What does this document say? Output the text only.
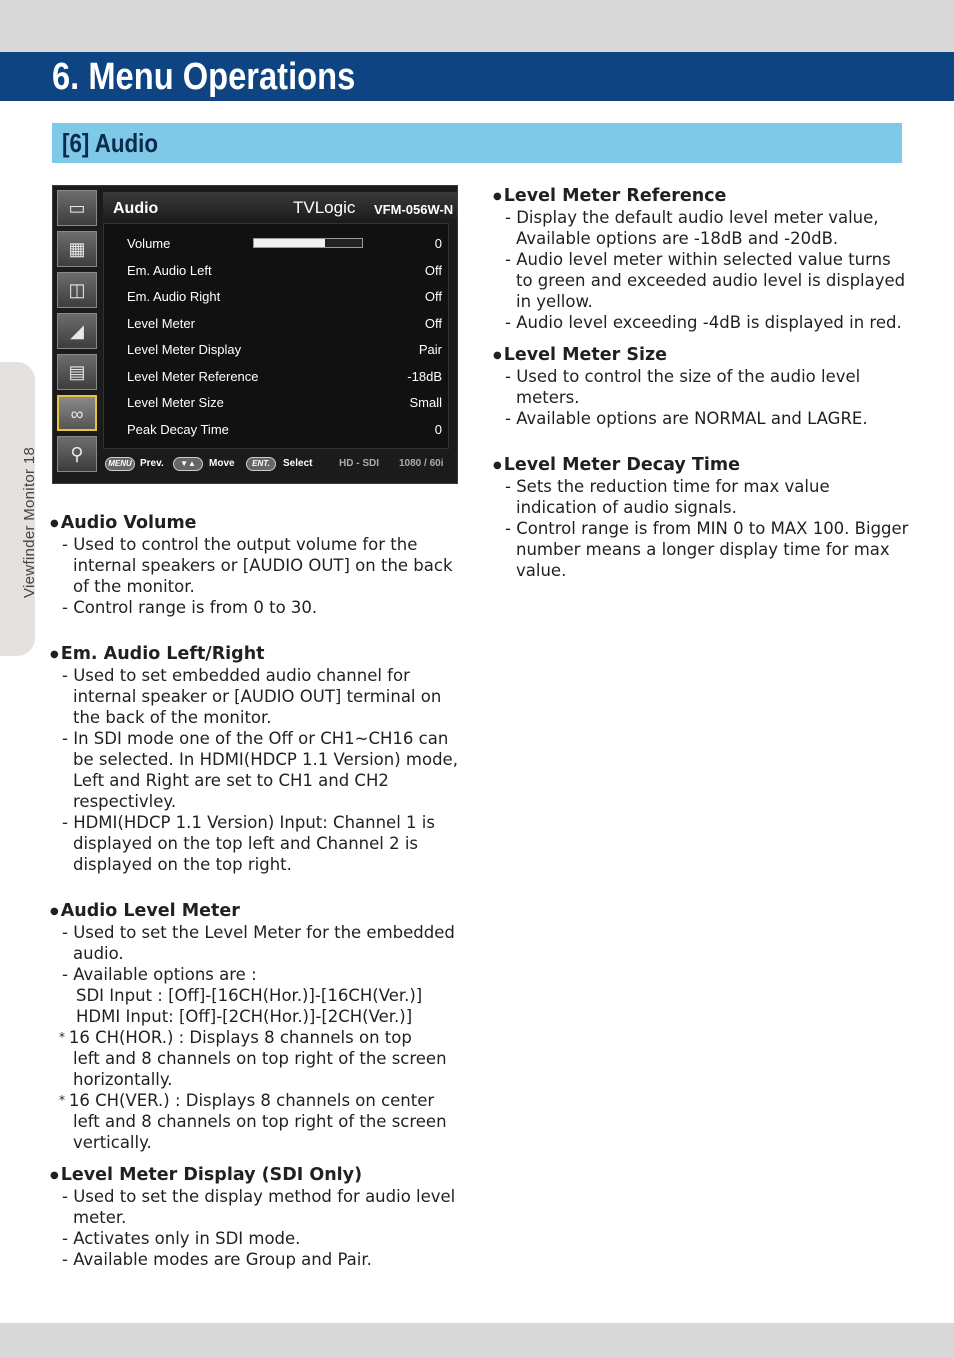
6. Menu Operations
[6] Audio
Viewfinder Monitor 18
▭
▦
◫
◢
▤
∞
⚲
Audio	TVLogic VFM-056W-N
Volume	0
Em. Audio Left	Off
Em. Audio Right	Off
Level Meter	Off
Level Meter Display	Pair
Level Meter Reference	-18dB
Level Meter Size	Small
Peak Decay Time	0
MENU Prev.	▼▲	Move	ENT.	Select	HD - SDI 1080 / 60i
● Audio Volume
- Used to control the output volume for the
internal speakers or [AUDIO OUT] on the back
of the monitor.
- Control range is from 0 to 30.
● Em. Audio Left/Right
- Used to set embedded audio channel for
internal speaker or [AUDIO OUT] terminal on
the back of the monitor.
- In SDI mode one of the Off or CH1~CH16 can
be selected. In HDMI(HDCP 1.1 Version) mode,
Left and Right are set to CH1 and CH2
respectivley.
- HDMI(HDCP 1.1 Version) Input: Channel 1 is
displayed on the top left and Channel 2 is
displayed on the top right.
● Audio Level Meter
- Used to set the Level Meter for the embedded
audio.
- Available options are :
SDI Input : [Off]-[16CH(Hor.)]-[16CH(Ver.)]
HDMI Input: [Off]-[2CH(Hor.)]-[2CH(Ver.)]
* 16 CH(HOR.) : Displays 8 channels on top
left and 8 channels on top right of the screen
horizontally.
* 16 CH(VER.) : Displays 8 channels on center
left and 8 channels on top right of the screen
vertically.
● Level Meter Display (SDI Only)
- Used to set the display method for audio level
meter.
- Activates only in SDI mode.
- Available modes are Group and Pair.
● Level Meter Reference
- Display the default audio level meter value,
Available options are -18dB and -20dB.
- Audio level meter within selected value turns
to green and exceeded audio level is displayed
in yellow.
- Audio level exceeding -4dB is displayed in red.
● Level Meter Size
- Used to control the size of the audio level
meters.
- Available options are NORMAL and LAGRE.
● Level Meter Decay Time
- Sets the reduction time for max value
indication of audio signals.
- Control range is from MIN 0 to MAX 100. Bigger
number means a longer display time for max
value.
